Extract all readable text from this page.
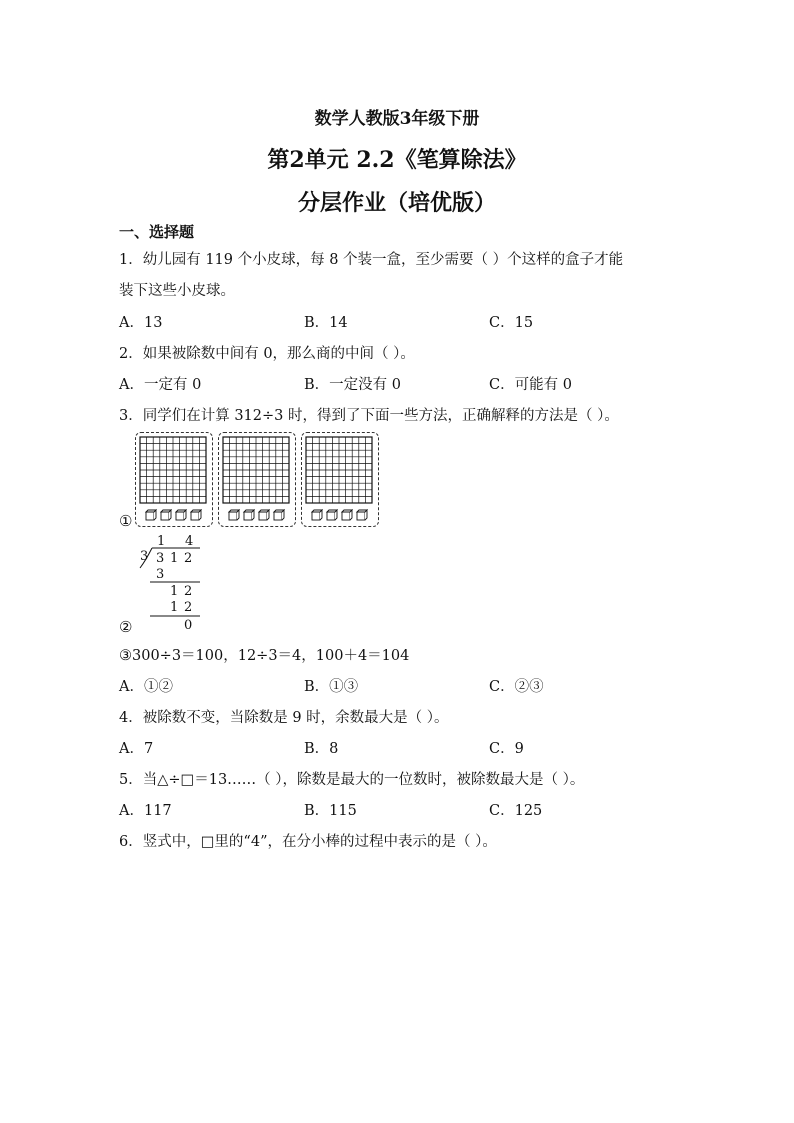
数学人教版3年级下册
第2单元 2.2《笔算除法》
分层作业（培优版）
一、选择题
1．幼儿园有 119 个小皮球，每 8 个装一盒，至少需要（ ）个这样的盒子才能
装下这些小皮球。
A．13	B．14	C．15
2．如果被除数中间有 0，那么商的中间（ ）。
A．一定有 0	B．一定没有 0	C．可能有 0
3．同学们在计算 312÷3 时，得到了下面一些方法，正确解释的方法是（ ）。
①
1 4
3 3 1 2
3
1 2
1 2
0
②
③300÷3＝100，12÷3＝4，100＋4＝104
A．①②	B．①③	C．②③
4．被除数不变，当除数是 9 时，余数最大是（ ）。
A．7	B．8	C．9
5．当△÷□＝13……（ ），除数是最大的一位数时，被除数最大是（ ）。
A．117	B．115	C．125
6．竖式中，□里的“4”，在分小棒的过程中表示的是（ ）。
